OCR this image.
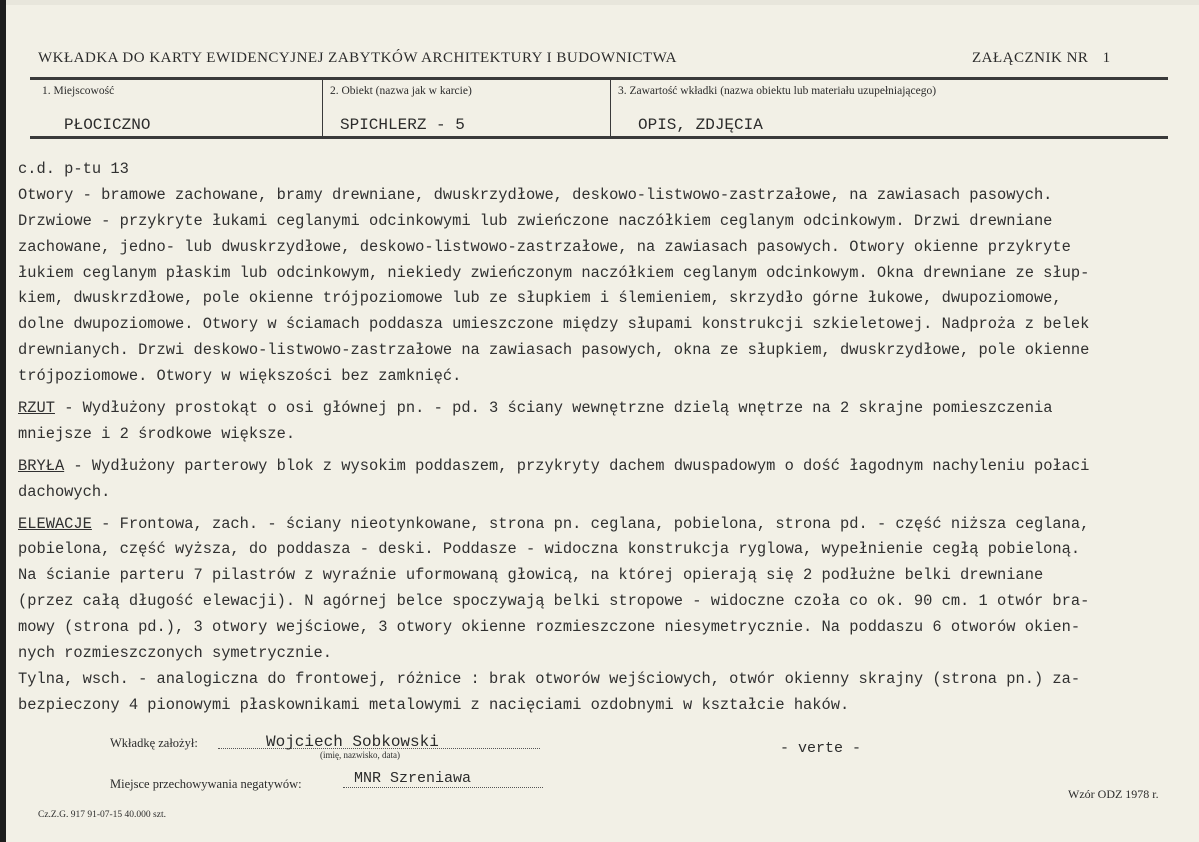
WKŁADKA DO KARTY EWIDENCYJNEJ ZABYTKÓW ARCHITEKTURY I BUDOWNICTWA	ZAŁĄCZNIK NR 1
1. Miejscowość
PŁOCICZNO
2. Obiekt (nazwa jak w karcie)
SPICHLERZ - 5
3. Zawartość wkładki (nazwa obiektu lub materiału uzupełniającego)
OPIS, ZDJĘCIA
c.d. p-tu 13
Otwory - bramowe zachowane, bramy drewniane, dwuskrzydłowe, deskowo-listwowo-zastrzałowe, na zawiasach pasowych.
Drzwiowe - przykryte łukami ceglanymi odcinkowymi lub zwieńczone naczółkiem ceglanym odcinkowym. Drzwi drewniane
zachowane, jedno- lub dwuskrzydłowe, deskowo-listwowo-zastrzałowe, na zawiasach pasowych. Otwory okienne przykryte
łukiem ceglanym płaskim lub odcinkowym, niekiedy zwieńczonym naczółkiem ceglanym odcinkowym. Okna drewniane ze słup-
kiem, dwuskrzdłowe, pole okienne trójpoziomowe lub ze słupkiem i ślemieniem, skrzydło górne łukowe, dwupoziomowe,
dolne dwupoziomowe. Otwory w ściamach poddasza umieszczone między słupami konstrukcji szkieletowej. Nadproża z belek
drewnianych. Drzwi deskowo-listwowo-zastrzałowe na zawiasach pasowych, okna ze słupkiem, dwuskrzydłowe, pole okienne
trójpoziomowe. Otwory w większości bez zamknięć.
RZUT - Wydłużony prostokąt o osi głównej pn. - pd. 3 ściany wewnętrzne dzielą wnętrze na 2 skrajne pomieszczenia
mniejsze i 2 środkowe większe.
BRYŁA - Wydłużony parterowy blok z wysokim poddaszem, przykryty dachem dwuspadowym o dość łagodnym nachyleniu połaci
dachowych.
ELEWACJE - Frontowa, zach. - ściany nieotynkowane, strona pn. ceglana, pobielona, strona pd. - część niższa ceglana,
pobielona, część wyższa, do poddasza - deski. Poddasze - widoczna konstrukcja ryglowa, wypełnienie cegłą pobieloną.
Na ścianie parteru 7 pilastrów z wyraźnie uformowaną głowicą, na której opierają się 2 podłużne belki drewniane
(przez całą długość elewacji). N agórnej belce spoczywają belki stropowe - widoczne czoła co ok. 90 cm. 1 otwór bra-
mowy (strona pd.), 3 otwory wejściowe, 3 otwory okienne rozmieszczone niesymetrycznie. Na poddaszu 6 otworów okien-
nych rozmieszczonych symetrycznie.
Tylna, wsch. - analogiczna do frontowej, różnice : brak otworów wejściowych, otwór okienny skrajny (strona pn.) za-
bezpieczony 4 pionowymi płaskownikami metalowymi z nacięciami ozdobnymi w kształcie haków.
Wkładkę założył:	Wojciech Sobkowski
(imię, nazwisko, data)	- verte -
Miejsce przechowywania negatywów:	MNR Szreniawa
Wzór ODZ 1978 r.
Cz.Z.G. 917 91-07-15 40.000 szt.
